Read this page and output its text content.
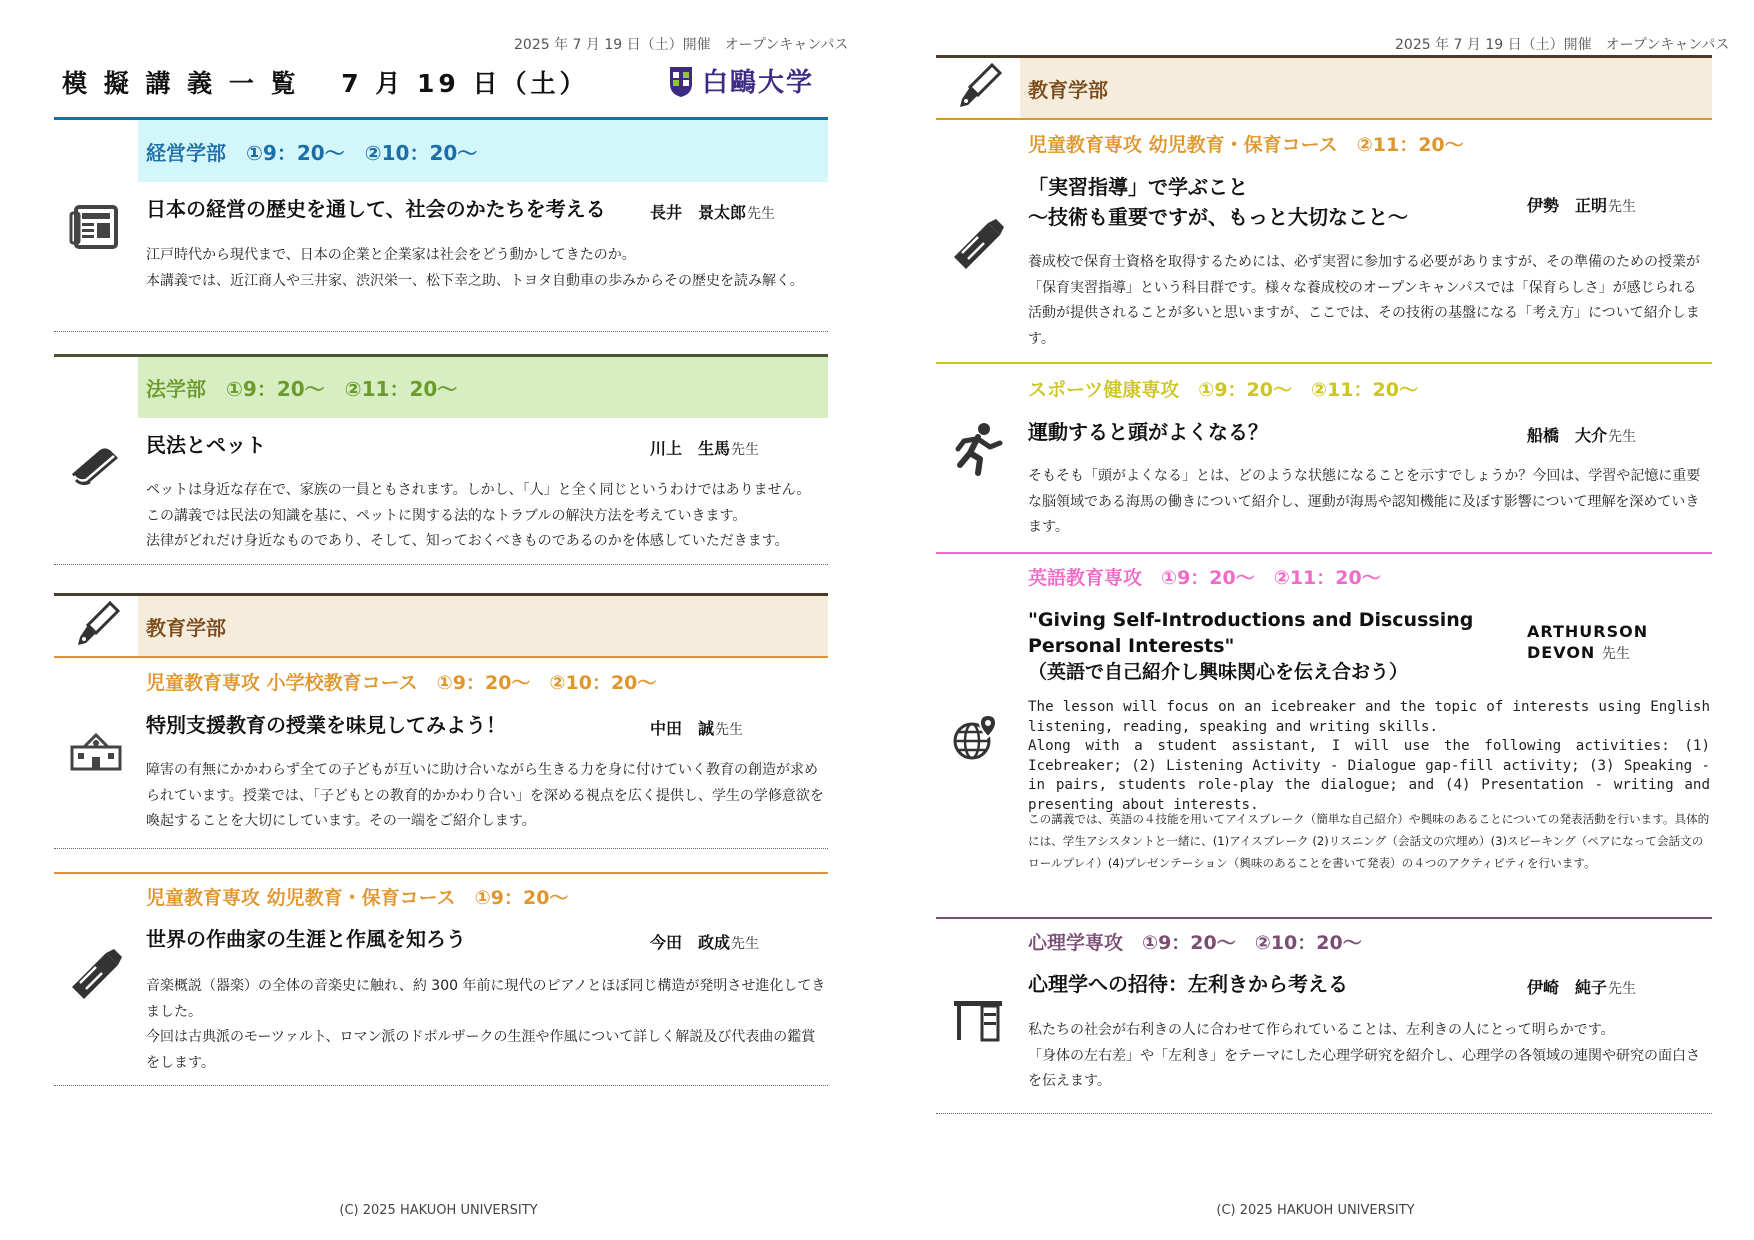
2025 年 7 月 19 日（土）開催　オープンキャンパス
模 擬 講 義 一 覧　 7 月 19 日（土）	白鷗大学
経営学部　①9：20～　②10：20～
日本の経営の歴史を通して、社会のかたちを考える	長井　景太郎先生

江戸時代から現代まで、日本の企業と企業家は社会をどう動かしてきたのか。

本講義では、近江商人や三井家、渋沢栄一、松下幸之助、トヨタ自動車の歩みからその歴史を読み解く。

法学部　①9：20～　②11：20～
民法とペット	川上　生馬先生

ペットは身近な存在で、家族の一員ともされます。しかし、「人」と全く同じというわけではありません。

この講義では民法の知識を基に、ペットに関する法的なトラブルの解決方法を考えていきます。

法律がどれだけ身近なものであり、そして、知っておくべきものであるのかを体感していただきます。

教育学部
児童教育専攻 小学校教育コース　①9：20～　②10：20～
特別支援教育の授業を味見してみよう！	中田　誠先生

障害の有無にかかわらず全ての子どもが互いに助け合いながら生きる力を身に付けていく教育の創造が求められています。授業では、「子どもとの教育的かかわり合い」を深める視点を広く提供し、学生の学修意欲を喚起することを大切にしています。その一端をご紹介します。

児童教育専攻 幼児教育・保育コース　①9：20～
世界の作曲家の生涯と作風を知ろう	今田　政成先生

音楽概説（器楽）の全体の音楽史に触れ、約 300 年前に現代のピアノとほぼ同じ構造が発明させ進化してきました。

今回は古典派のモーツァルト、ロマン派のドボルザークの生涯や作風について詳しく解説及び代表曲の鑑賞をします。

(C) 2025 HAKUOH UNIVERSITY
2025 年 7 月 19 日（土）開催　オープンキャンパス
教育学部
児童教育専攻 幼児教育・保育コース　②11：20～
「実習指導」で学ぶこと
～技術も重要ですが、もっと大切なこと～	伊勢　正明先生

養成校で保育士資格を取得するためには、必ず実習に参加する必要がありますが、その準備のための授業が「保育実習指導」という科目群です。様々な養成校のオープンキャンパスでは「保育らしさ」が感じられる活動が提供されることが多いと思いますが、ここでは、その技術の基盤になる「考え方」について紹介します。

スポーツ健康専攻　①9：20～　②11：20～
運動すると頭がよくなる？	船橋　大介先生

そもそも「頭がよくなる」とは、どのような状態になることを示すでしょうか？今回は、学習や記憶に重要な脳領域である海馬の働きについて紹介し、運動が海馬や認知機能に及ぼす影響について理解を深めていきます。

英語教育専攻　①9：20～　②11：20～
"Giving Self-Introductions and Discussing
Personal Interests"
（英語で自己紹介し興味関心を伝え合おう）
ARTHURSON
DEVON 先生

The lesson will focus on an icebreaker and the topic of interests using English listening, reading, speaking and writing skills.

Along with a student assistant, I will use the following activities: (1) Icebreaker; (2) Listening Activity - Dialogue gap-fill activity; (3) Speaking - in pairs, students role-play the dialogue; and (4) Presentation - writing and presenting about interests.

この講義では、英語の４技能を用いてアイスブレーク（簡単な自己紹介）や興味のあることについての発表活動を行います。具体的には、学生アシスタントと一緒に、(1)アイスブレーク (2)リスニング（会話文の穴埋め）(3)スピーキング（ペアになって会話文のロールプレイ）(4)プレゼンテーション（興味のあることを書いて発表）の４つのアクティビティを行います。

心理学専攻　①9：20～　②10：20～
心理学への招待：左利きから考える	伊崎　純子先生

私たちの社会が右利きの人に合わせて作られていることは、左利きの人にとって明らかです。

「身体の左右差」や「左利き」をテーマにした心理学研究を紹介し、心理学の各領域の連関や研究の面白さを伝えます。

(C) 2025 HAKUOH UNIVERSITY
